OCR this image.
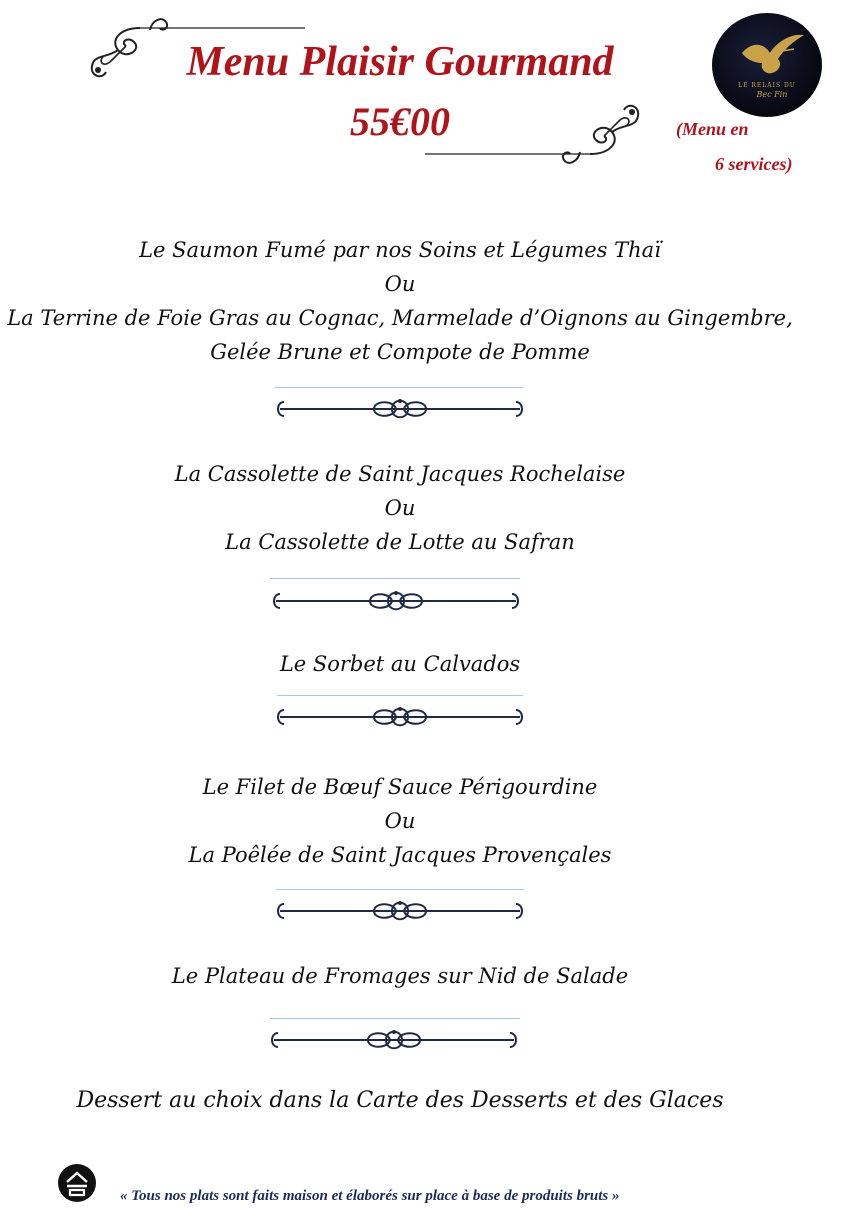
Menu Plaisir Gourmand
55€00	(Menu en
6 services)
LE RELAIS DU
Bec Fin
Le Saumon Fumé par nos Soins et Légumes Thaï
Ou
La Terrine de Foie Gras au Cognac, Marmelade d’Oignons au Gingembre,
Gelée Brune et Compote de Pomme
La Cassolette de Saint Jacques Rochelaise
Ou
La Cassolette de Lotte au Safran
Le Sorbet au Calvados
Le Filet de Bœuf Sauce Périgourdine
Ou
La Poêlée de Saint Jacques Provençales
Le Plateau de Fromages sur Nid de Salade
Dessert au choix dans la Carte des Desserts et des Glaces
« Tous nos plats sont faits maison et élaborés sur place à base de produits bruts »
